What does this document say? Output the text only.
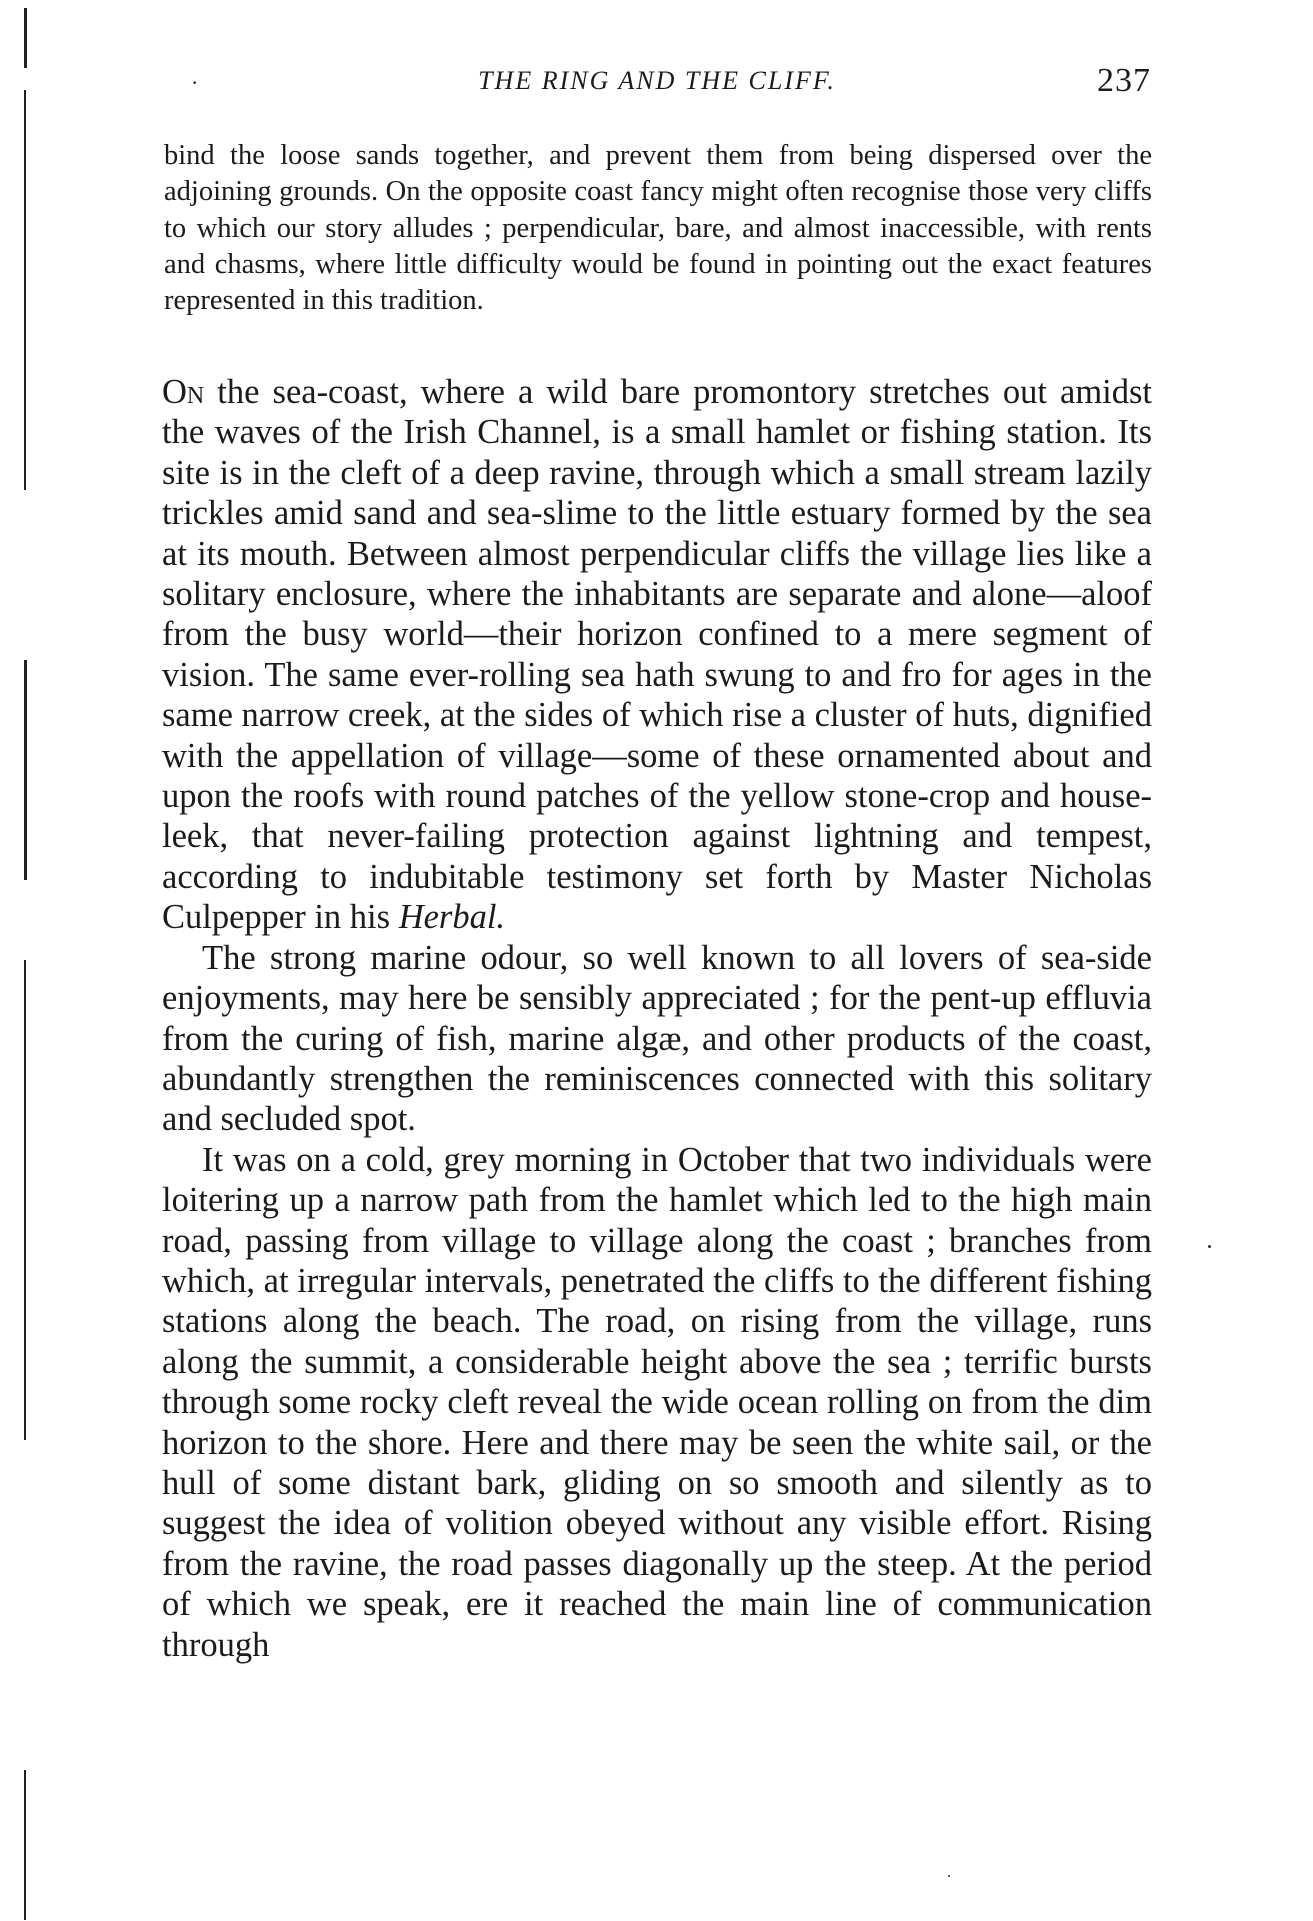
·	THE RING AND THE CLIFF.	237

bind the loose sands together, and prevent them from being dispersed over the adjoining grounds. On the opposite coast fancy might often recognise those very cliffs to which our story alludes ; perpendicular, bare, and almost inaccessible, with rents and chasms, where little difficulty would be found in pointing out the exact features represented in this tradition.

On the sea-coast, where a wild bare promontory stretches out amidst the waves of the Irish Channel, is a small hamlet or fishing station. Its site is in the cleft of a deep ravine, through which a small stream lazily trickles amid sand and sea-slime to the little estuary formed by the sea at its mouth. Between almost perpendicular cliffs the village lies like a solitary enclosure, where the inhabitants are separate and alone—aloof from the busy world—their horizon confined to a mere segment of vision. The same ever-rolling sea hath swung to and fro for ages in the same narrow creek, at the sides of which rise a cluster of huts, dignified with the appellation of village—some of these ornamented about and upon the roofs with round patches of the yellow stone-crop and house-leek, that never-failing protection against lightning and tempest, according to indubitable testimony set forth by Master Nicholas Culpepper in his Herbal.

The strong marine odour, so well known to all lovers of sea-side enjoyments, may here be sensibly appreciated ; for the pent-up effluvia from the curing of fish, marine algæ, and other products of the coast, abundantly strengthen the reminiscences connected with this solitary and secluded spot.

It was on a cold, grey morning in October that two individuals were loitering up a narrow path from the hamlet which led to the high main road, passing from village to village along the coast ; branches from which, at irregular intervals, penetrated the cliffs to the different fishing stations along the beach. The road, on rising from the village, runs along the summit, a considerable height above the sea ; terrific bursts through some rocky cleft reveal the wide ocean rolling on from the dim horizon to the shore. Here and there may be seen the white sail, or the hull of some distant bark, gliding on so smooth and silently as to suggest the idea of volition obeyed without any visible effort. Rising from the ravine, the road passes diagonally up the steep. At the period of which we speak, ere it reached the main line of communication through
